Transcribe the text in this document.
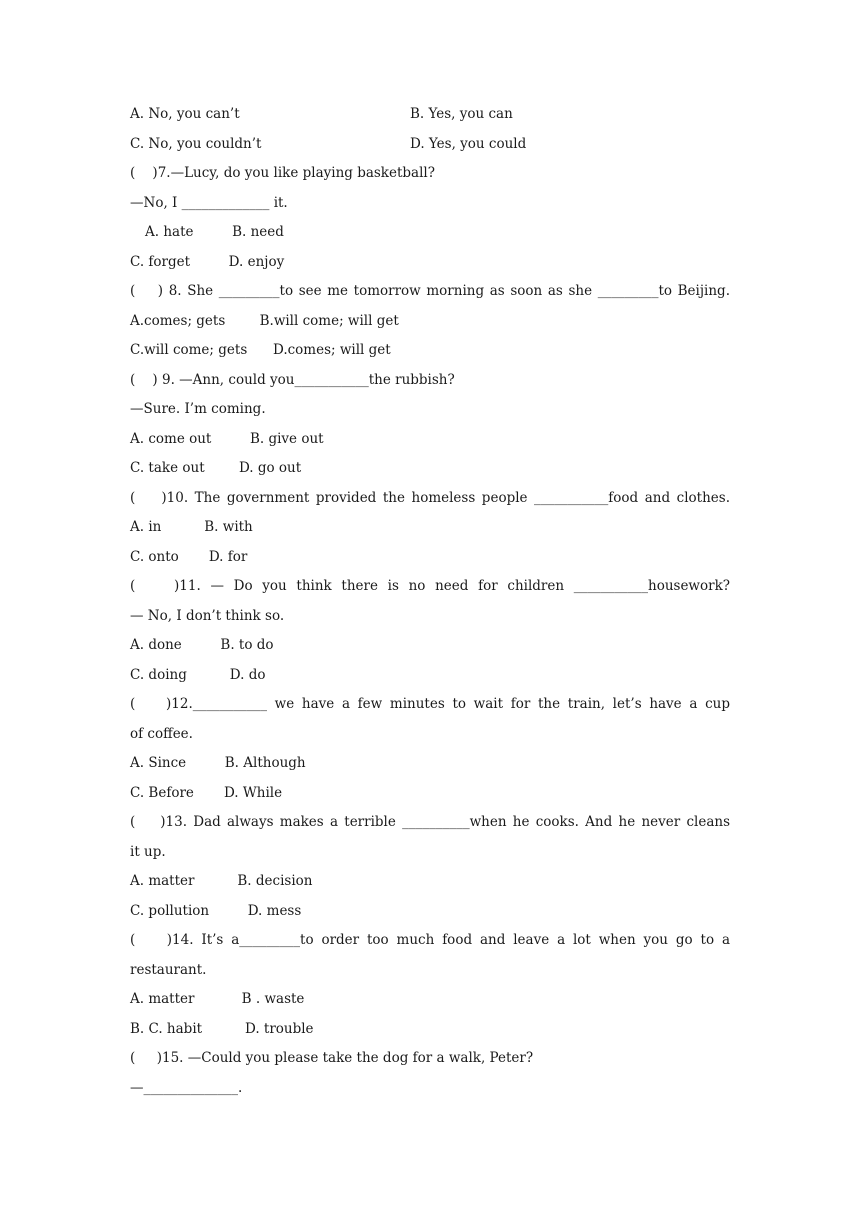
A. No, you can’t	B. Yes, you can
C. No, you couldn’t	D. Yes, you could
(    )7.—Lucy, do you like playing basketball?
—No, I _____________ it.
A. hate         B. need
C. forget         D. enjoy
(    ) 8. She _________to see me tomorrow morning as soon as she _________to Beijing.
A.comes; gets        B.will come; will get
C.will come; gets      D.comes; will get
(    ) 9. —Ann, could you___________the rubbish?
—Sure. I’m coming.
A. come out         B. give out
C. take out        D. go out
(    )10. The government provided the homeless people ___________food and clothes.
A. in          B. with
C. onto       D. for
(    )11. — Do you think there is no need for children ___________housework?
— No, I don’t think so.
A. done         B. to do
C. doing          D. do
(    )12.___________ we have a few minutes to wait for the train, let’s have a cup
of coffee.
A. Since         B. Although
C. Before       D. While
(    )13. Dad always makes a terrible __________when he cooks. And he never cleans
it up.
A. matter          B. decision
C. pollution         D. mess
(    )14. It’s a_________to order too much food and leave a lot when you go to a
restaurant.
A. matter           B . waste
B. C. habit          D. trouble
(     )15. —Could you please take the dog for a walk, Peter?
—______________.
